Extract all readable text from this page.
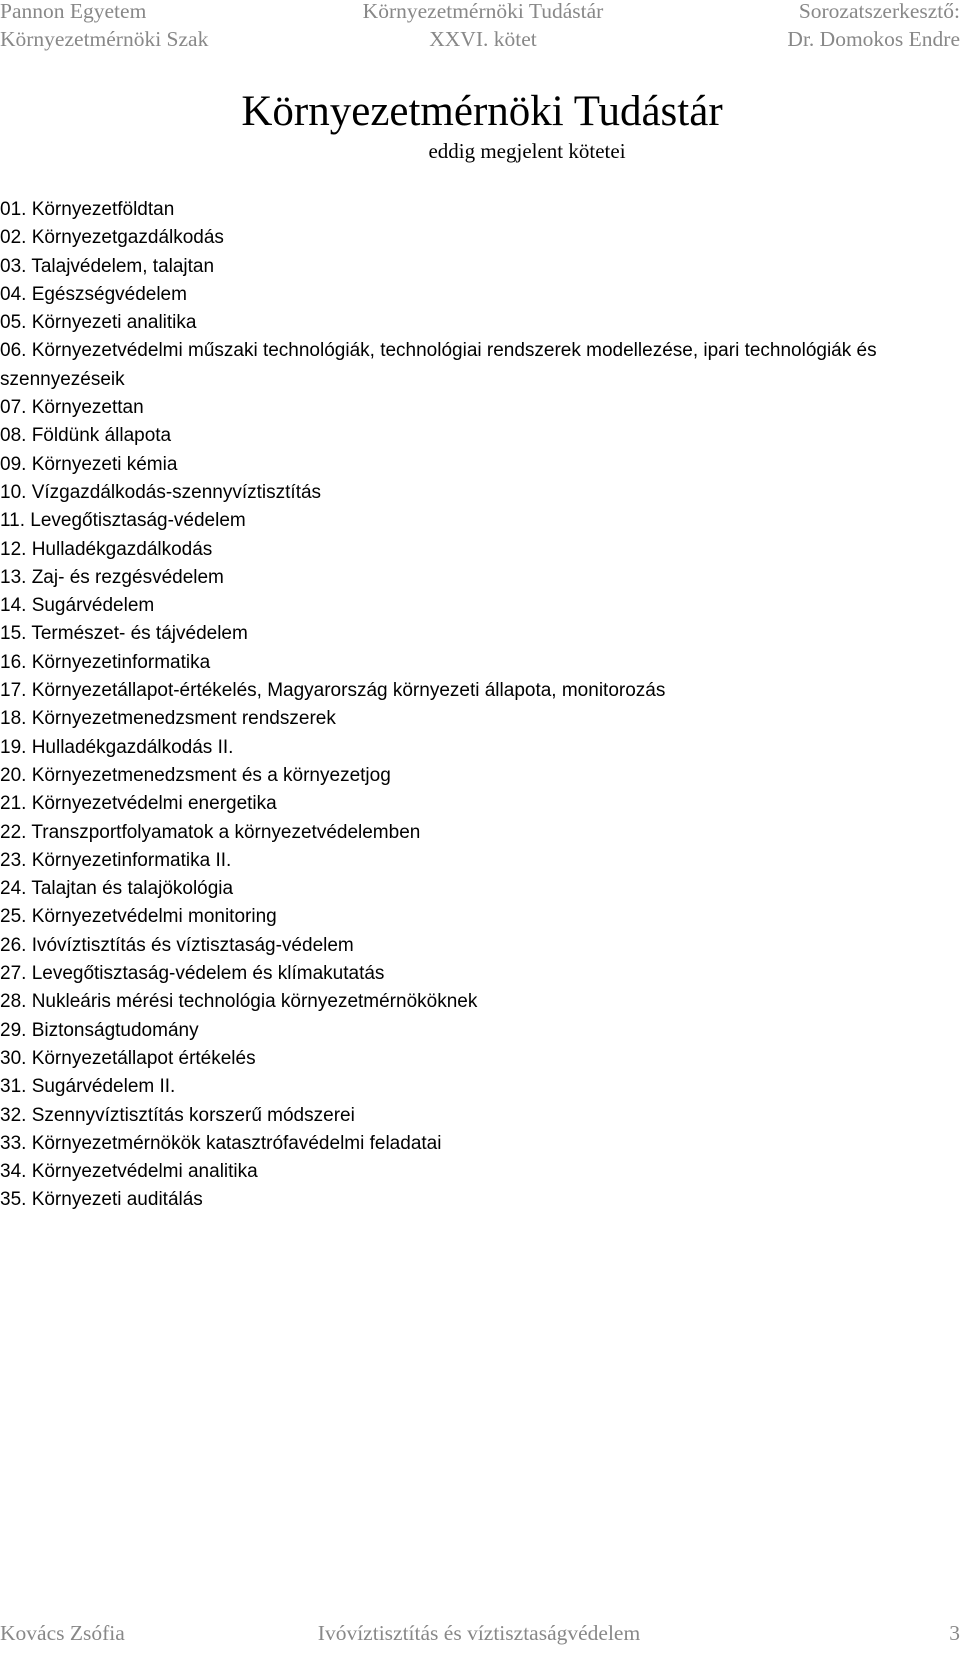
Pannon Egyetem	Környezetmérnöki Tudástár	Sorozatszerkesztő:
Környezetmérnöki Szak	XXVI. kötet	Dr. Domokos Endre
Környezetmérnöki Tudástár
eddig megjelent kötetei
01. Környezetföldtan
02. Környezetgazdálkodás
03. Talajvédelem, talajtan
04. Egészségvédelem
05. Környezeti analitika
06. Környezetvédelmi műszaki technológiák, technológiai rendszerek modellezése, ipari technológiák és szennyezéseik
07. Környezettan
08. Földünk állapota
09. Környezeti kémia
10. Vízgazdálkodás-szennyvíztisztítás
11. Levegőtisztaság-védelem
12. Hulladékgazdálkodás
13. Zaj- és rezgésvédelem
14. Sugárvédelem
15. Természet- és tájvédelem
16. Környezetinformatika
17. Környezetállapot-értékelés, Magyarország környezeti állapota, monitorozás
18. Környezetmenedzsment rendszerek
19. Hulladékgazdálkodás II.
20. Környezetmenedzsment és a környezetjog
21. Környezetvédelmi energetika
22. Transzportfolyamatok a környezetvédelemben
23. Környezetinformatika II.
24. Talajtan és talajökológia
25. Környezetvédelmi monitoring
26. Ivóvíztisztítás és víztisztaság-védelem
27. Levegőtisztaság-védelem és klímakutatás
28. Nukleáris mérési technológia környezetmérnököknek
29. Biztonságtudomány
30. Környezetállapot értékelés
31. Sugárvédelem II.
32. Szennyvíztisztítás korszerű módszerei
33. Környezetmérnökök katasztrófavédelmi feladatai
34. Környezetvédelmi analitika
35. Környezeti auditálás
Kovács Zsófia	Ivóvíztisztítás és víztisztaságvédelem	3
